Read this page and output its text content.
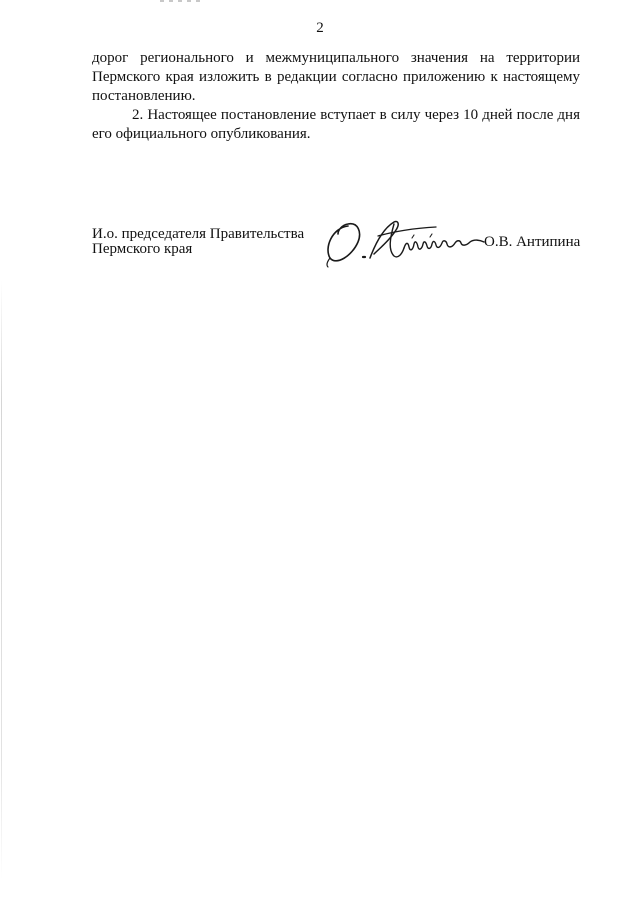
2

дорог регионального и межмуниципального значения на территории Пермского края изложить в редакции согласно приложению к настоящему постановлению.

2. Настоящее постановление вступает в силу через 10 дней после дня его официального опубликования.

И.о. председателя Правительства
Пермского края	О.В. Антипина
